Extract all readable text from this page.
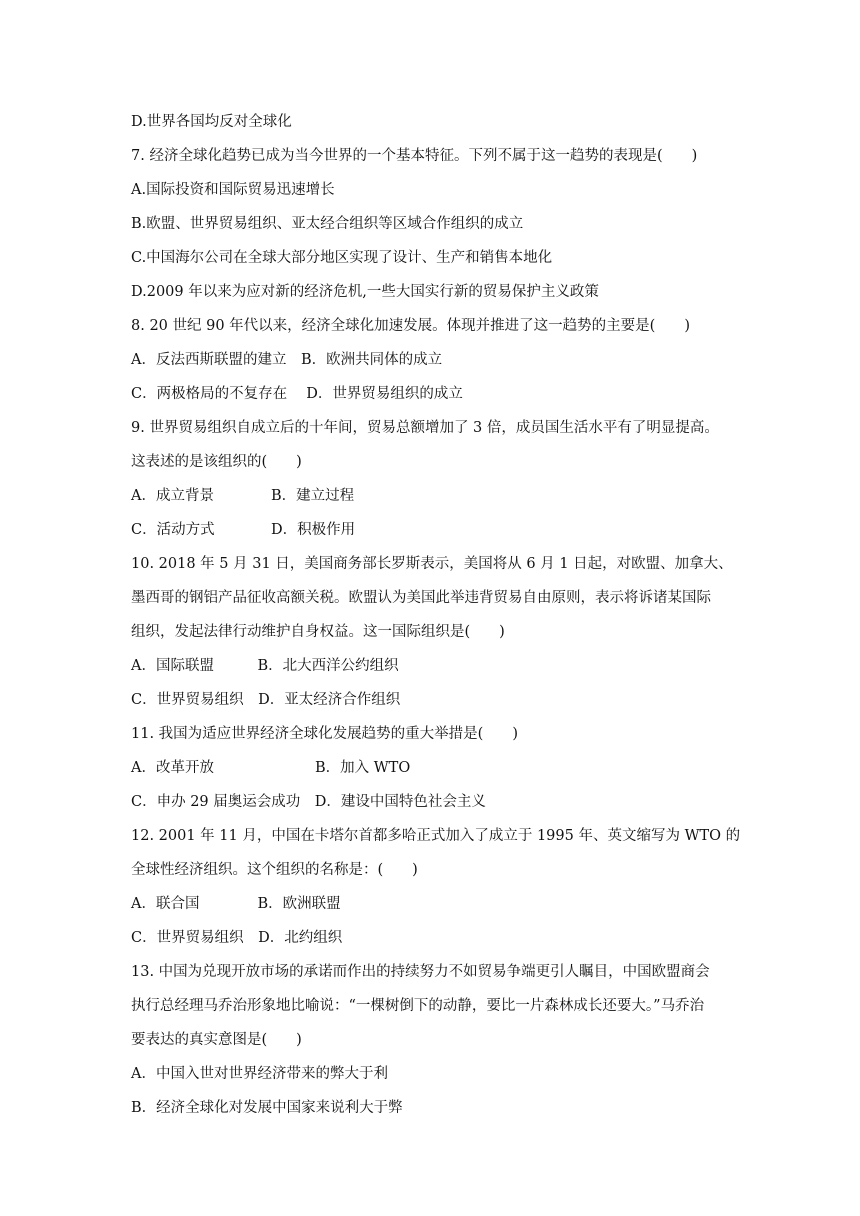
D.世界各国均反对全球化
7. 经济全球化趋势已成为当今世界的一个基本特征。下列不属于这一趋势的表现是(　　)
A.国际投资和国际贸易迅速增长
B.欧盟、世界贸易组织、亚太经合组织等区域合作组织的成立
C.中国海尔公司在全球大部分地区实现了设计、生产和销售本地化
D.2009 年以来为应对新的经济危机,一些大国实行新的贸易保护主义政策
8. 20 世纪 90 年代以来，经济全球化加速发展。体现并推进了这一趋势的主要是(　　)
A．反法西斯联盟的建立　B．欧洲共同体的成立
C．两极格局的不复存在　 D．世界贸易组织的成立
9. 世界贸易组织自成立后的十年间，贸易总额增加了 3 倍，成员国生活水平有了明显提高。
这表述的是该组织的(　　)
A．成立背景	B．建立过程
C．活动方式	D．积极作用
10. 2018 年 5 月 31 日，美国商务部长罗斯表示，美国将从 6 月 1 日起，对欧盟、加拿大、
墨西哥的钢铝产品征收高额关税。欧盟认为美国此举违背贸易自由原则，表示将诉诸某国际
组织，发起法律行动维护自身权益。这一国际组织是(　　)
A．国际联盟　　　B．北大西洋公约组织
C．世界贸易组织　D．亚太经济合作组织
11. 我国为适应世界经济全球化发展趋势的重大举措是(　　)
A．改革开放	B．加入 WTO
C．申办 29 届奥运会成功　D．建设中国特色社会主义
12. 2001 年 11 月，中国在卡塔尔首都多哈正式加入了成立于 1995 年、英文缩写为 WTO 的
全球性经济组织。这个组织的名称是：(　　)
A．联合国　　　　B．欧洲联盟
C．世界贸易组织　D．北约组织
13. 中国为兑现开放市场的承诺而作出的持续努力不如贸易争端更引人瞩目，中国欧盟商会
执行总经理马乔治形象地比喻说：“一棵树倒下的动静，要比一片森林成长还要大。”马乔治
要表达的真实意图是(　　)
A．中国入世对世界经济带来的弊大于利
B．经济全球化对发展中国家来说利大于弊
